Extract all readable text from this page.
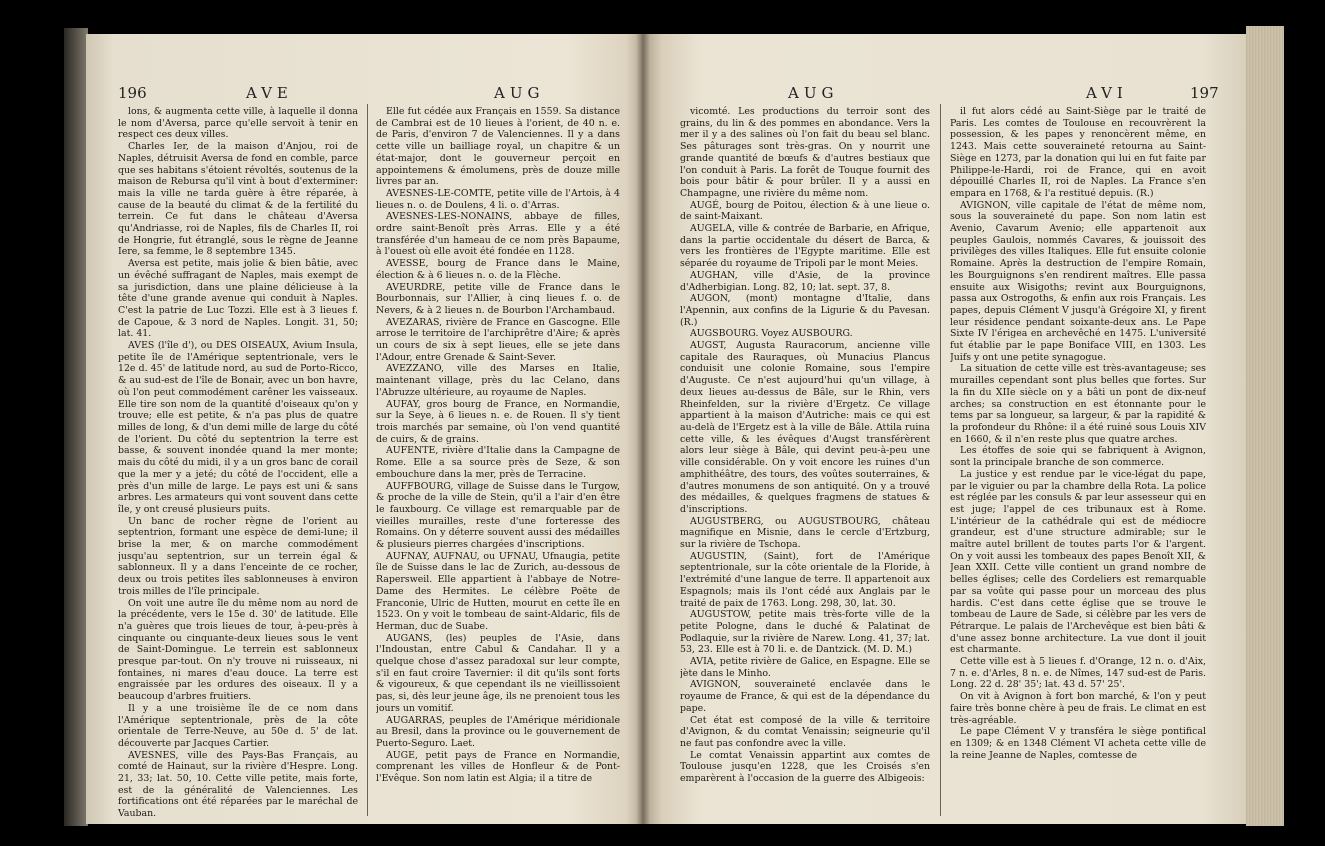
196	AVE	AUG

lons, & augmenta cette ville, à laquelle il donna le nom d'Aversa, parce qu'elle servoit à tenir en respect ces deux villes.

Charles Ier, de la maison d'Anjou, roi de Naples, détruisit Aversa de fond en comble, parce que ses habitans s'étoient révoltés, soutenus de la maison de Rebursa qu'il vint à bout d'exterminer: mais la ville ne tarda guère à être réparée, à cause de la beauté du climat & de la fertilité du terrein. Ce fut dans le château d'Aversa qu'Andriasse, roi de Naples, fils de Charles II, roi de Hongrie, fut étranglé, sous le règne de Jeanne Iere, sa femme, le 8 septembre 1345.

Aversa est petite, mais jolie & bien bâtie, avec un évêché suffragant de Naples, mais exempt de sa jurisdiction, dans une plaine délicieuse à la tête d'une grande avenue qui conduit à Naples. C'est la patrie de Luc Tozzi. Elle est à 3 lieues f. de Capoue, & 3 nord de Naples. Longit. 31, 50; lat. 41.

AVES (l'île d'), ou DES OISEAUX, Avium Insula, petite île de l'Amérique septentrionale, vers le 12e d. 45' de latitude nord, au sud de Porto-Ricco, & au sud-est de l'île de Bonair, avec un bon havre, où l'on peut commodément carêner les vaisseaux. Elle tire son nom de la quantité d'oiseaux qu'on y trouve; elle est petite, & n'a pas plus de quatre milles de long, & d'un demi mille de large du côté de l'orient. Du côté du septentrion la terre est basse, & souvent inondée quand la mer monte; mais du côté du midi, il y a un gros banc de corail que la mer y a jeté; du côté de l'occident, elle a près d'un mille de large. Le pays est uni & sans arbres. Les armateurs qui vont souvent dans cette île, y ont creusé plusieurs puits.

Un banc de rocher règne de l'orient au septentrion, formant une espèce de demi-lune; il brise la mer, & on marche commodément jusqu'au septentrion, sur un terrein égal & sablonneux. Il y a dans l'enceinte de ce rocher, deux ou trois petites îles sablonneuses à environ trois milles de l'île principale.

On voit une autre île du même nom au nord de la précédente, vers le 15e d. 30' de latitude. Elle n'a guères que trois lieues de tour, à-peu-près à cinquante ou cinquante-deux lieues sous le vent de Saint-Domingue. Le terrein est sablonneux presque par-tout. On n'y trouve ni ruisseaux, ni fontaines, ni mares d'eau douce. La terre est engraissée par les ordures des oiseaux. Il y a beaucoup d'arbres fruitiers.

Il y a une troisième île de ce nom dans l'Amérique septentrionale, près de la côte orientale de Terre-Neuve, au 50e d. 5' de lat. découverte par Jacques Cartier.

AVESNES, ville des Pays-Bas Français, au comté de Hainaut, sur la rivière d'Hespre. Long. 21, 33; lat. 50, 10. Cette ville petite, mais forte, est de la généralité de Valenciennes. Les fortifications ont été réparées par le maréchal de Vauban.

Elle fut cédée aux Français en 1559. Sa distance de Cambrai est de 10 lieues à l'orient, de 40 n. e. de Paris, d'environ 7 de Valenciennes. Il y a dans cette ville un bailliage royal, un chapitre & un état-major, dont le gouverneur perçoit en appointemens & émolumens, près de douze mille livres par an.

AVESNES-LE-COMTE, petite ville de l'Artois, à 4 lieues n. o. de Doulens, 4 li. o. d'Arras.

AVESNES-LES-NONAINS, abbaye de filles, ordre saint-Benoît près Arras. Elle y a été transférée d'un hameau de ce nom près Bapaume, à l'ouest où elle avoit été fondée en 1128.

AVESSE, bourg de France dans le Maine, élection & à 6 lieues n. o. de la Flèche.

AVEURDRE, petite ville de France dans le Bourbonnais, sur l'Allier, à cinq lieues f. o. de Nevers, & à 2 lieues n. de Bourbon l'Archambaud.

AVEZARAS, rivière de France en Gascogne. Elle arrose le territoire de l'archiprêtre d'Aire; & après un cours de six à sept lieues, elle se jete dans l'Adour, entre Grenade & Saint-Sever.

AVEZZANO, ville des Marses en Italie, maintenant village, près du lac Celano, dans l'Abruzze ultérieure, au royaume de Naples.

AUFAY, gros bourg de France, en Normandie, sur la Seye, à 6 lieues n. e. de Rouen. Il s'y tient trois marchés par semaine, où l'on vend quantité de cuirs, & de grains.

AUFENTE, rivière d'Italie dans la Campagne de Rome. Elle a sa source près de Seze, & son embouchure dans la mer, près de Terracine.

AUFFBOURG, village de Suisse dans le Turgow, & proche de la ville de Stein, qu'il a l'air d'en être le fauxbourg. Ce village est remarquable par de vieilles murailles, reste d'une forteresse des Romains. On y déterre souvent aussi des médailles & plusieurs pierres chargées d'inscriptions.

AUFNAY, AUFNAU, ou UFNAU, Ufnaugia, petite île de Suisse dans le lac de Zurich, au-dessous de Rapersweil. Elle appartient à l'abbaye de Notre-Dame des Hermites. Le célèbre Poëte de Franconie, Ulric de Hutten, mourut en cette île en 1523. On y voit le tombeau de saint-Aldaric, fils de Herman, duc de Suabe.

AUGANS, (les) peuples de l'Asie, dans l'Indoustan, entre Cabul & Candahar. Il y a quelque chose d'assez paradoxal sur leur compte, s'il en faut croire Tavernier: il dit qu'ils sont forts & vigoureux, & que cependant ils ne vieillissoient pas, si, dès leur jeune âge, ils ne prenoient tous les jours un vomitif.

AUGARRAS, peuples de l'Amérique méridionale au Bresil, dans la province ou le gouvernement de Puerto-Seguro. Laet.

AUGE, petit pays de France en Normandie, comprenant les villes de Honfleur & de Pont-l'Evêque. Son nom latin est Algia; il a titre de

AUG	AVI	197

vicomté. Les productions du terroir sont des grains, du lin & des pommes en abondance. Vers la mer il y a des salines où l'on fait du beau sel blanc. Ses pâturages sont très-gras. On y nourrit une grande quantité de bœufs & d'autres bestiaux que l'on conduit à Paris. La forêt de Touque fournit des bois pour bâtir & pour brûler. Il y a aussi en Champagne, une rivière du même nom.

AUGÉ, bourg de Poitou, élection & à une lieue o. de saint-Maixant.

AUGELA, ville & contrée de Barbarie, en Afrique, dans la partie occidentale du désert de Barca, & vers les frontières de l'Egypte maritime. Elle est séparée du royaume de Tripoli par le mont Meies.

AUGHAN, ville d'Asie, de la province d'Adherbigian. Long. 82, 10; lat. sept. 37, 8.

AUGON, (mont) montagne d'Italie, dans l'Apennin, aux confins de la Ligurie & du Pavesan. (R.)

AUGSBOURG. Voyez AUSBOURG.

AUGST, Augusta Rauracorum, ancienne ville capitale des Rauraques, où Munacius Plancus conduisit une colonie Romaine, sous l'empire d'Auguste. Ce n'est aujourd'hui qu'un village, à deux lieues au-dessus de Bâle, sur le Rhin, vers Rheinfelden, sur la rivière d'Ergetz. Ce village appartient à la maison d'Autriche: mais ce qui est au-delà de l'Ergetz est à la ville de Bâle. Attila ruina cette ville, & les évêques d'Augst transférèrent alors leur siège à Bâle, qui devint peu-à-peu une ville considérable. On y voit encore les ruines d'un amphithéâtre, des tours, des voûtes souterraines, & d'autres monumens de son antiquité. On y a trouvé des médailles, & quelques fragmens de statues & d'inscriptions.

AUGUSTBERG, ou AUGUSTBOURG, château magnifique en Misnie, dans le cercle d'Ertzburg, sur la rivière de Tschopa.

AUGUSTIN, (Saint), fort de l'Amérique septentrionale, sur la côte orientale de la Floride, à l'extrémité d'une langue de terre. Il appartenoit aux Espagnols; mais ils l'ont cédé aux Anglais par le traité de paix de 1763. Long. 298, 30, lat. 30.

AUGUSTOW, petite mais très-forte ville de la petite Pologne, dans le duché & Palatinat de Podlaquie, sur la rivière de Narew. Long. 41, 37; lat. 53, 23. Elle est à 70 li. e. de Dantzick. (M. D. M.)

AVIA, petite rivière de Galice, en Espagne. Elle se jète dans le Minho.

AVIGNON, souveraineté enclavée dans le royaume de France, & qui est de la dépendance du pape.

Cet état est composé de la ville & territoire d'Avignon, & du comtat Venaissin; seigneurie qu'il ne faut pas confondre avec la ville.

Le comtat Venaissin appartint aux comtes de Toulouse jusqu'en 1228, que les Croisés s'en emparèrent à l'occasion de la guerre des Albigeois:

il fut alors cédé au Saint-Siège par le traité de Paris. Les comtes de Toulouse en recouvrèrent la possession, & les papes y renoncèrent même, en 1243. Mais cette souveraineté retourna au Saint-Siège en 1273, par la donation qui lui en fut faite par Philippe-le-Hardi, roi de France, qui en avoit dépouillé Charles II, roi de Naples. La France s'en empara en 1768, & l'a restitué depuis. (R.)

AVIGNON, ville capitale de l'état de même nom, sous la souveraineté du pape. Son nom latin est Avenio, Cavarum Avenio; elle appartenoit aux peuples Gaulois, nommés Cavares, & jouissoit des privilèges des villes Italiques. Elle fut ensuite colonie Romaine. Après la destruction de l'empire Romain, les Bourguignons s'en rendirent maîtres. Elle passa ensuite aux Wisigoths; revint aux Bourguignons, passa aux Ostrogoths, & enfin aux rois Français. Les papes, depuis Clément V jusqu'à Grégoire XI, y firent leur résidence pendant soixante-deux ans. Le Pape Sixte IV l'érigea en archevêché en 1475. L'université fut établie par le pape Boniface VIII, en 1303. Les Juifs y ont une petite synagogue.

La situation de cette ville est très-avantageuse; ses murailles cependant sont plus belles que fortes. Sur la fin du XIIe siècle on y a bâti un pont de dix-neuf arches; sa construction en est étonnante pour le tems par sa longueur, sa largeur, & par la rapidité & la profondeur du Rhône: il a été ruiné sous Louis XIV en 1660, & il n'en reste plus que quatre arches.

Les étoffes de soie qui se fabriquent à Avignon, sont la principale branche de son commerce.

La justice y est rendue par le vice-légat du pape, par le viguier ou par la chambre della Rota. La police est réglée par les consuls & par leur assesseur qui en est juge; l'appel de ces tribunaux est à Rome. L'intérieur de la cathédrale qui est de médiocre grandeur, est d'une structure admirable; sur le maître autel brillent de toutes parts l'or & l'argent. On y voit aussi les tombeaux des papes Benoît XII, & Jean XXII. Cette ville contient un grand nombre de belles églises; celle des Cordeliers est remarquable par sa voûte qui passe pour un morceau des plus hardis. C'est dans cette église que se trouve le tombeau de Laure de Sade, si célèbre par les vers de Pétrarque. Le palais de l'Archevêque est bien bâti & d'une assez bonne architecture. La vue dont il jouit est charmante.

Cette ville est à 5 lieues f. d'Orange, 12 n. o. d'Aix, 7 n. e. d'Arles, 8 n. e. de Nîmes, 147 sud-est de Paris. Long. 22 d. 28' 35'; lat. 43 d. 57' 25'.

On vit à Avignon à fort bon marché, & l'on y peut faire très bonne chère à peu de frais. Le climat en est très-agréable.

Le pape Clément V y transféra le siège pontifical en 1309; & en 1348 Clément VI acheta cette ville de la reine Jeanne de Naples, comtesse de
